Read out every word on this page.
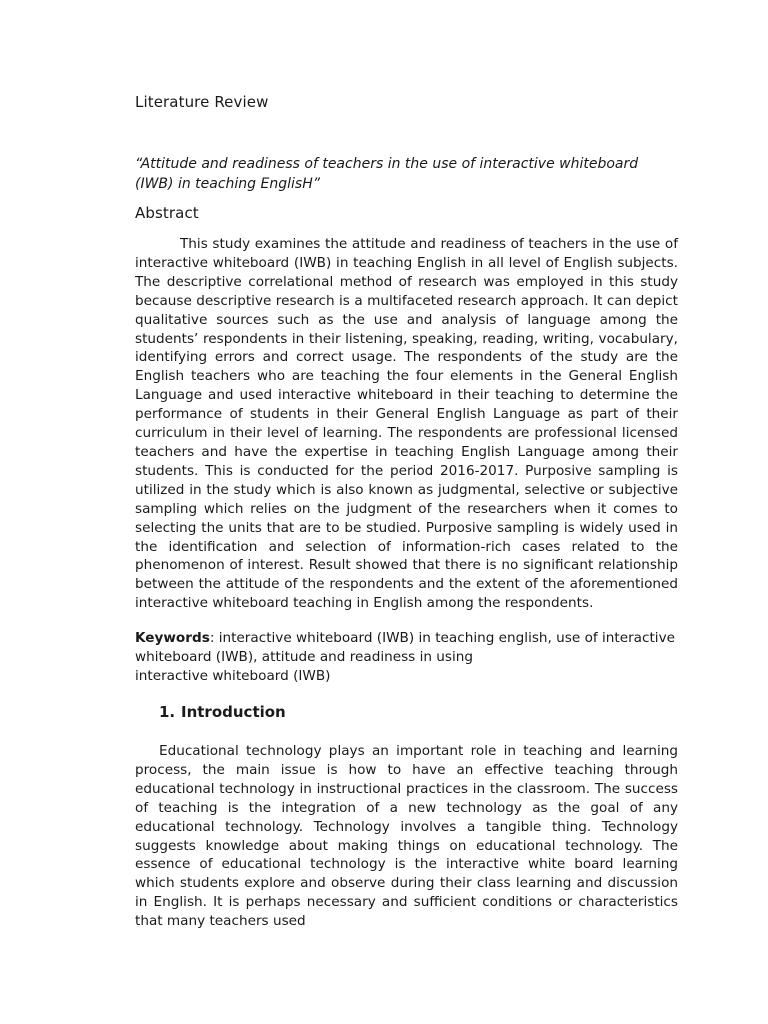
Literature Review

“Attitude and readiness of teachers in the use of interactive whiteboard (IWB) in teaching EnglisH”

Abstract

This study examines the attitude and readiness of teachers in the use of interactive whiteboard (IWB) in teaching English in all level of English subjects. The descriptive correlational method of research was employed in this study because descriptive research is a multifaceted research approach. It can depict qualitative sources such as the use and analysis of language among the students’ respondents in their listening, speaking, reading, writing, vocabulary, identifying errors and correct usage. The respondents of the study are the English teachers who are teaching the four elements in the General English Language and used interactive whiteboard in their teaching to determine the performance of students in their General English Language as part of their curriculum in their level of learning. The respondents are professional licensed teachers and have the expertise in teaching English Language among their students. This is conducted for the period 2016-2017. Purposive sampling is utilized in the study which is also known as judgmental, selective or subjective sampling which relies on the judgment of the researchers when it comes to selecting the units that are to be studied. Purposive sampling is widely used in the identification and selection of information-rich cases related to the phenomenon of interest. Result showed that there is no significant relationship between the attitude of the respondents and the extent of the aforementioned interactive whiteboard teaching in English among the respondents.

Keywords: interactive whiteboard (IWB) in teaching english, use of interactive whiteboard (IWB), attitude and readiness in using
interactive whiteboard (IWB)

1. Introduction

Educational technology plays an important role in teaching and learning process, the main issue is how to have an effective teaching through educational technology in instructional practices in the classroom. The success of teaching is the integration of a new technology as the goal of any educational technology. Technology involves a tangible thing. Technology suggests knowledge about making things on educational technology. The essence of educational technology is the interactive white board learning which students explore and observe during their class learning and discussion in English. It is perhaps necessary and sufficient conditions or characteristics that many teachers used
